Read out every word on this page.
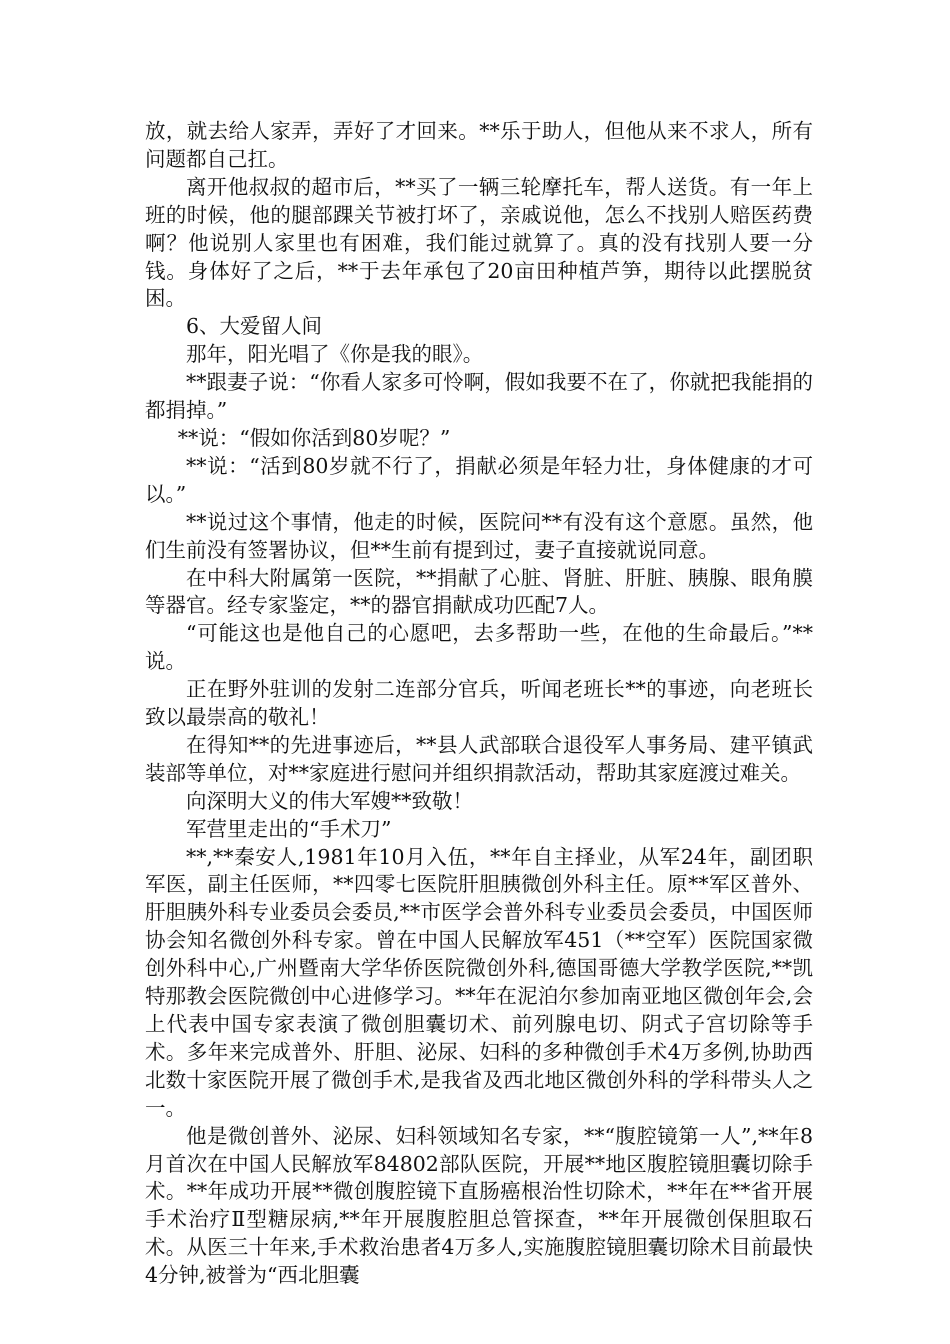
放，就去给人家弄，弄好了才回来。**乐于助人，但他从来不求人，所有问题都自己扛。

离开他叔叔的超市后，**买了一辆三轮摩托车，帮人送货。有一年上班的时候，他的腿部踝关节被打坏了，亲戚说他，怎么不找别人赔医药费啊？他说别人家里也有困难，我们能过就算了。真的没有找别人要一分钱。身体好了之后，**于去年承包了20亩田种植芦笋，期待以此摆脱贫困。

6、大爱留人间

那年，阳光唱了《你是我的眼》。

**跟妻子说：“你看人家多可怜啊，假如我要不在了，你就把我能捐的都捐掉。”

**说：“假如你活到80岁呢？”

**说：“活到80岁就不行了，捐献必须是年轻力壮，身体健康的才可以。”

**说过这个事情，他走的时候，医院问**有没有这个意愿。虽然，他们生前没有签署协议，但**生前有提到过，妻子直接就说同意。

在中科大附属第一医院，**捐献了心脏、肾脏、肝脏、胰腺、眼角膜等器官。经专家鉴定，**的器官捐献成功匹配7人。

“可能这也是他自己的心愿吧，去多帮助一些，在他的生命最后。”**说。

正在野外驻训的发射二连部分官兵，听闻老班长**的事迹，向老班长致以最崇高的敬礼！

在得知**的先进事迹后，**县人武部联合退役军人事务局、建平镇武装部等单位，对**家庭进行慰问并组织捐款活动，帮助其家庭渡过难关。

向深明大义的伟大军嫂**致敬！

军营里走出的“手术刀”

**,**秦安人,1981年10月入伍，**年自主择业，从军24年，副团职军医，副主任医师，**四零七医院肝胆胰微创外科主任。原**军区普外、肝胆胰外科专业委员会委员,**市医学会普外科专业委员会委员，中国医师协会知名微创外科专家。曾在中国人民解放军451（**空军）医院国家微创外科中心,广州暨南大学华侨医院微创外科,德国哥德大学教学医院,**凯特那教会医院微创中心进修学习。**年在泥泊尔参加南亚地区微创年会,会上代表中国专家表演了微创胆囊切术、前列腺电切、阴式子宫切除等手术。多年来完成普外、肝胆、泌尿、妇科的多种微创手术4万多例,协助西北数十家医院开展了微创手术,是我省及西北地区微创外科的学科带头人之一。

他是微创普外、泌尿、妇科领域知名专家，**“腹腔镜第一人”,**年8月首次在中国人民解放军84802部队医院，开展**地区腹腔镜胆囊切除手术。**年成功开展**微创腹腔镜下直肠癌根治性切除术，**年在**省开展手术治疗Ⅱ型糖尿病,**年开展腹腔胆总管探查，**年开展微创保胆取石术。从医三十年来,手术救治患者4万多人,实施腹腔镜胆囊切除术目前最快4分钟,被誉为“西北胆囊
